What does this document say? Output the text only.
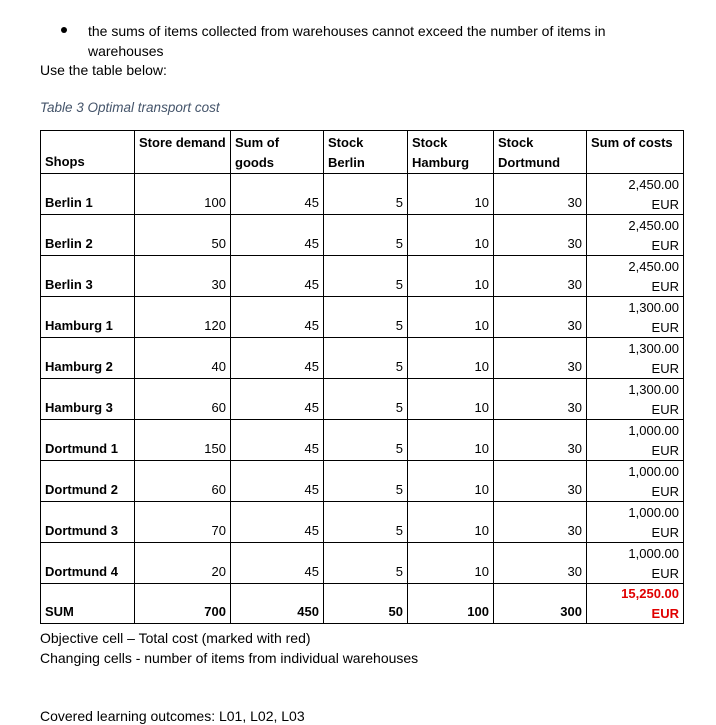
the sums of items collected from warehouses cannot exceed the number of items in warehouses
Use the table below:
Table 3 Optimal transport cost
Shops	Store demand	Sum of goods	Stock Berlin	Stock Hamburg	Stock Dortmund	Sum of costs
Berlin 1	100	45	5	10	30	2,450.00
EUR

Berlin 2	50	45	5	10	30	2,450.00
EUR

Berlin 3	30	45	5	10	30	2,450.00
EUR

Hamburg 1	120	45	5	10	30	1,300.00
EUR

Hamburg 2	40	45	5	10	30	1,300.00
EUR

Hamburg 3	60	45	5	10	30	1,300.00
EUR

Dortmund 1	150	45	5	10	30	1,000.00
EUR

Dortmund 2	60	45	5	10	30	1,000.00
EUR

Dortmund 3	70	45	5	10	30	1,000.00
EUR

Dortmund 4	20	45	5	10	30	1,000.00
EUR

SUM	700	450	50	100	300	15,250.00
EUR
Objective cell – Total cost (marked with red)
Changing cells - number of items from individual warehouses
Covered learning outcomes: L01, L02, L03
